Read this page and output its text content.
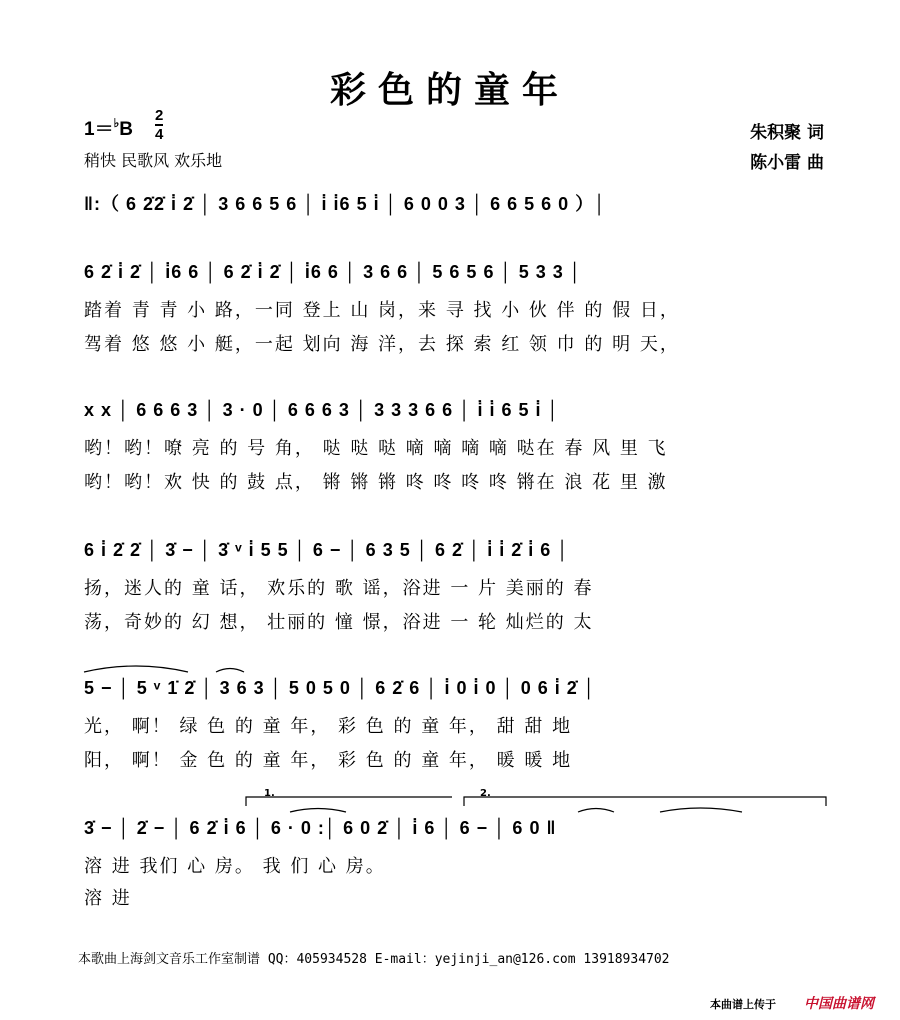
彩色的童年
1＝♭B
2
4
稍快 民歌风 欢乐地
朱积聚 词
陈小雷 曲
‖:（ 6 2̇2̇ i̇ 2̇ │ 3 6 6 5 6 │ i̇ i̇6 5 i̇ │ 6 0 0 3 │ 6 6 5 6 0 ）│
6 2̇ i̇ 2̇ │ i̇6 6 │ 6 2̇ i̇ 2̇ │ i̇6 6 │ 3 6 6 │ 5 6 5 6 │ 5 3 3 │
踏着 青 青 小 路，一同 登上 山 岗，来 寻 找 小 伙 伴 的 假 日，
驾着 悠 悠 小 艇，一起 划向 海 洋，去 探 索 红 领 巾 的 明 天，
x x │ 6 6 6 3 │ 3 · 0 │ 6 6 6 3 │ 3 3 3 6 6 │ i̇ i̇ 6 5 i̇ │
哟！哟！嘹 亮 的 号 角， 哒 哒 哒 嘀 嘀 嘀 嘀 哒在 春 风 里 飞
哟！哟！欢 快 的 鼓 点， 锵 锵 锵 咚 咚 咚 咚 锵在 浪 花 里 激
6 i̇ 2̇ 2̇ │ 3̇ − │ 3̇ ᵛ i̇ 5 5 │ 6 − │ 6 3 5 │ 6 2̇ │ i̇ i̇ 2̇ i̇ 6 │
扬，迷人的 童 话， 欢乐的 歌 谣，浴进 一 片 美丽的 春
荡，奇妙的 幻 想， 壮丽的 憧 憬，浴进 一 轮 灿烂的 太
5 − │ 5 ᵛ 1̇ 2̇ │ 3 6 3 │ 5 0 5 0 │ 6 2̇ 6 │ i̇ 0 i̇ 0 │ 0 6 i̇ 2̇ │
光， 啊！ 绿 色 的 童 年， 彩 色 的 童 年， 甜 甜 地
阳， 啊！ 金 色 的 童 年， 彩 色 的 童 年， 暖 暖 地
1.	2.
3̇ − │ 2̇ − │ 6 2̇ i̇ 6 │ 6 · 0 :│ 6 0 2̇ │ i̇ 6 │ 6 − │ 6 0 ‖
溶 进 我们 心 房。 我 们 心 房。
溶 进
本歌曲上海剑文音乐工作室制谱 QQ：405934528 E-mail：yejinji_an@126.com 13918934702
本曲谱上传于 中国曲谱网
